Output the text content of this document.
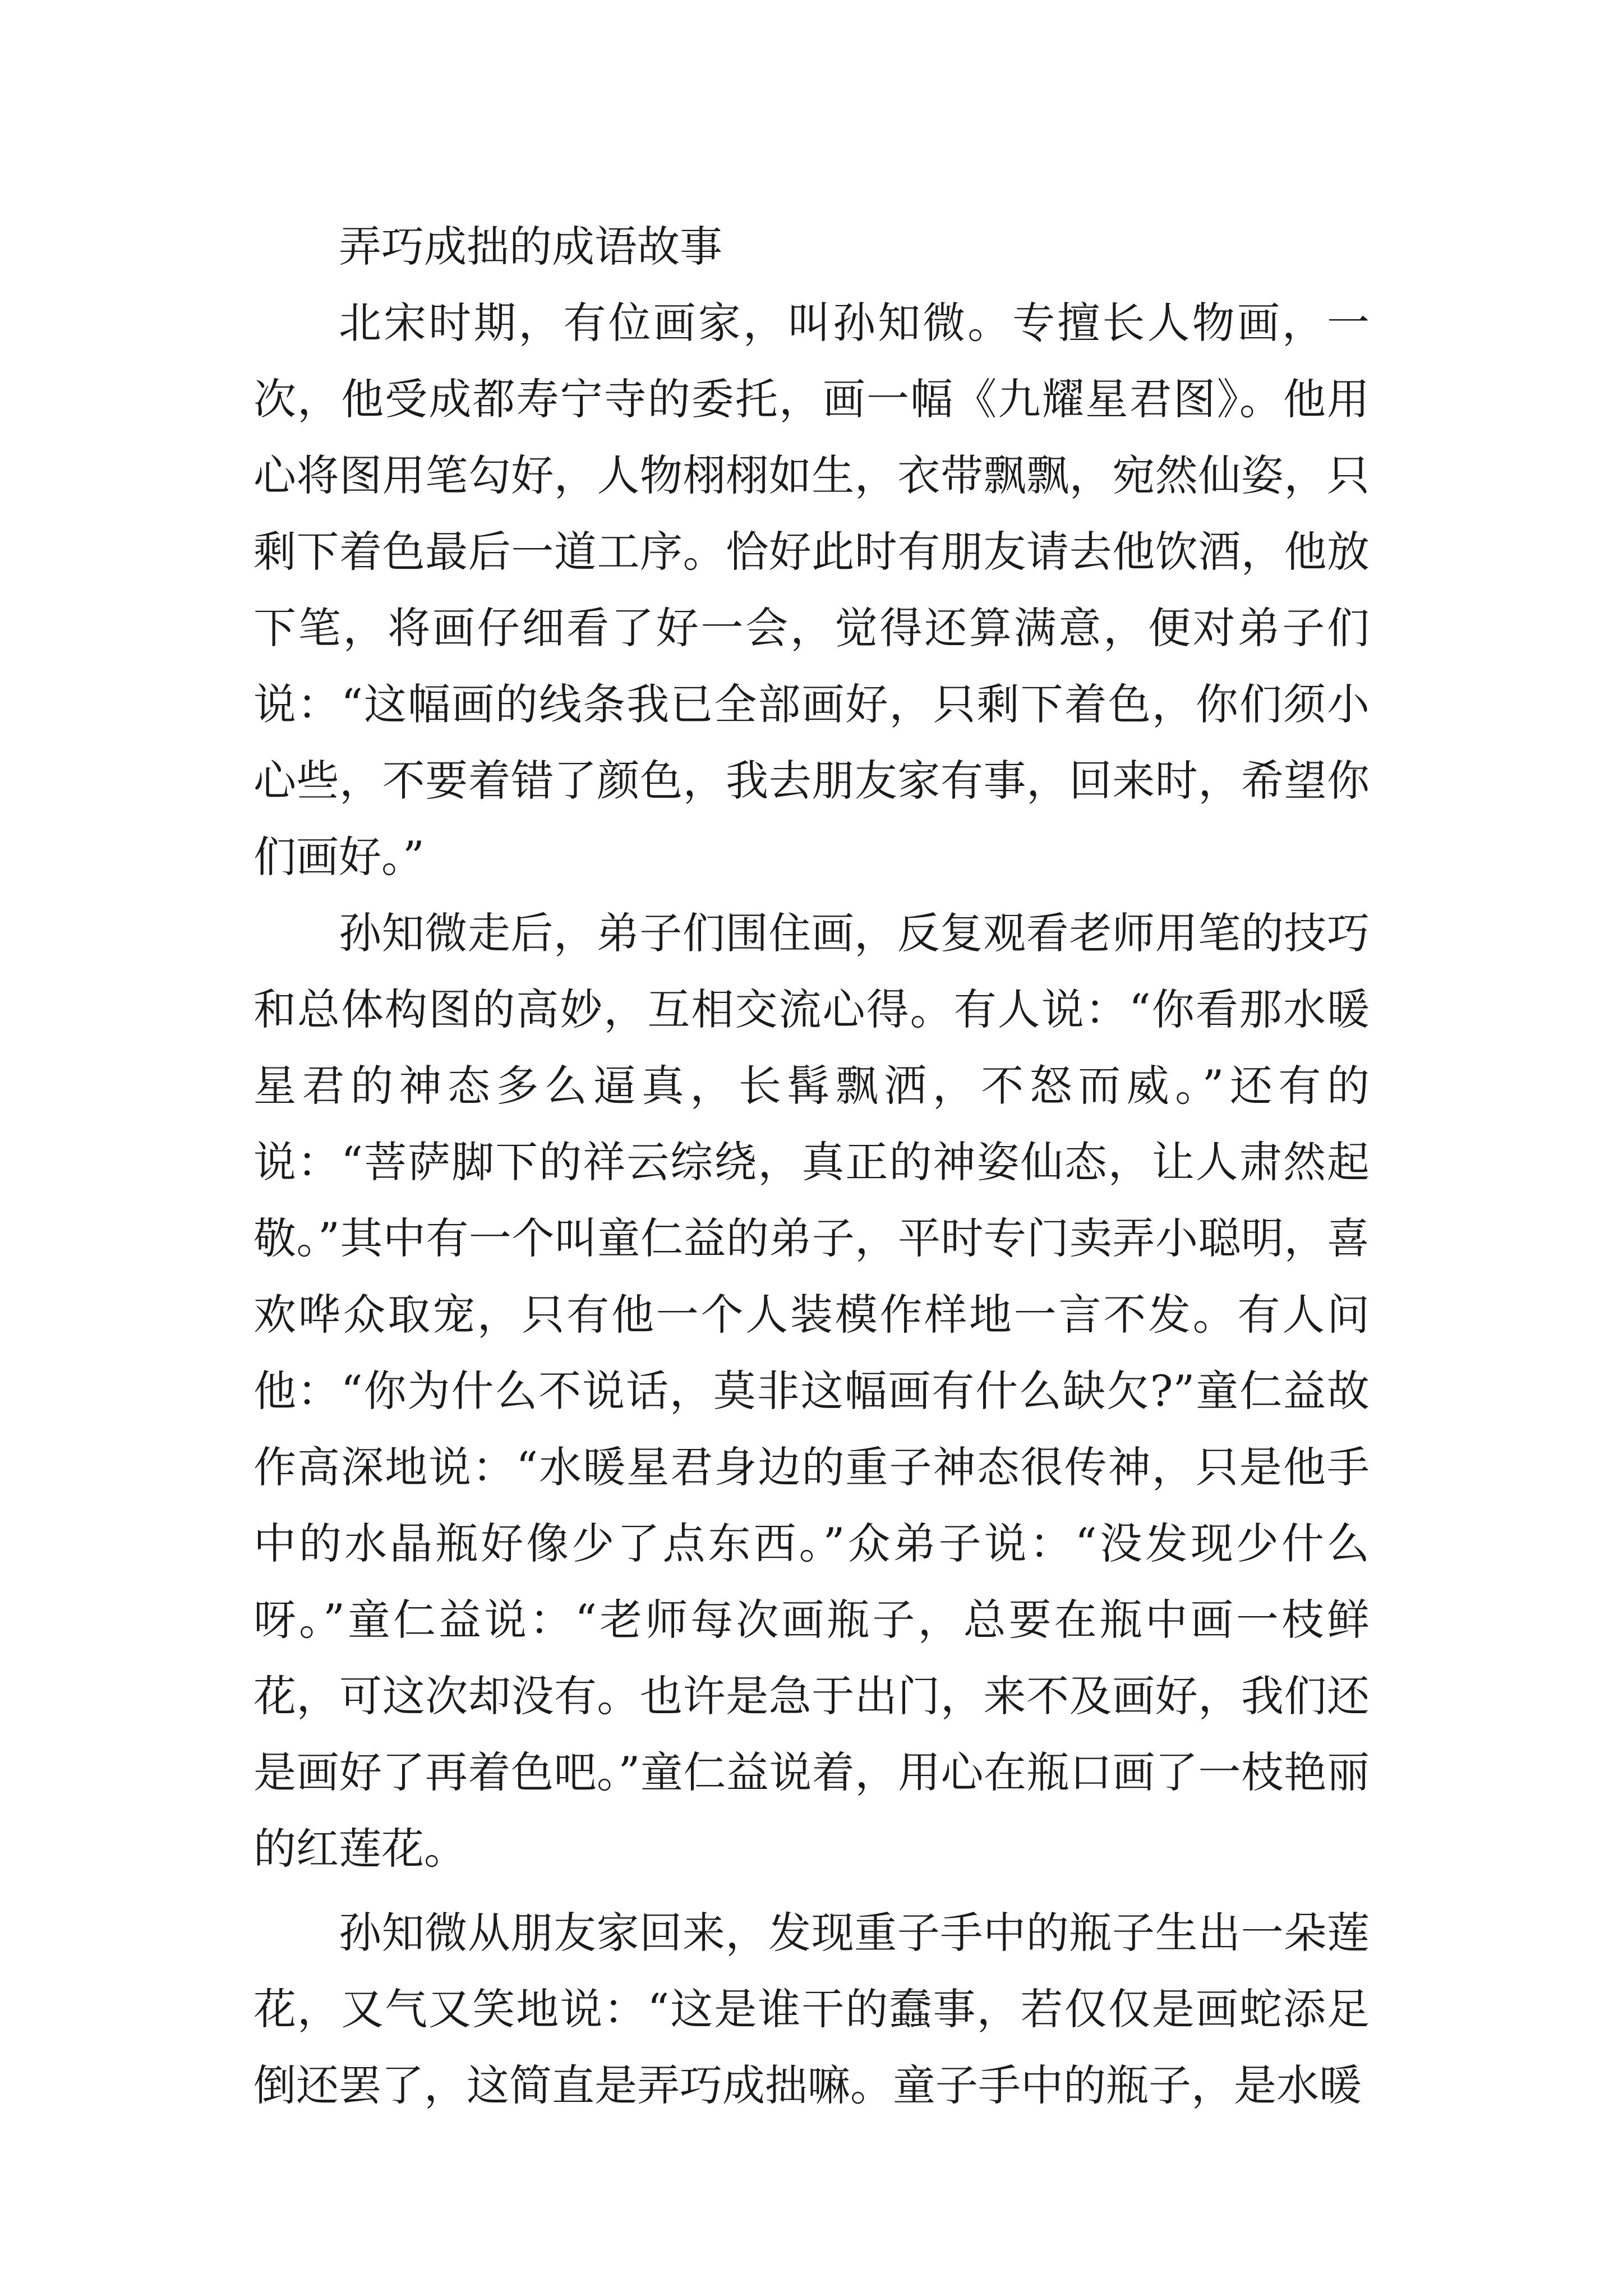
弄巧成拙的成语故事

北宋时期，有位画家，叫孙知微。专擅长人物画，一次，他受成都寿宁寺的委托，画一幅《九耀星君图》。他用心将图用笔勾好，人物栩栩如生，衣带飘飘，宛然仙姿，只剩下着色最后一道工序。恰好此时有朋友请去他饮酒，他放下笔，将画仔细看了好一会，觉得还算满意，便对弟子们说：“这幅画的线条我已全部画好，只剩下着色，你们须小心些，不要着错了颜色，我去朋友家有事，回来时，希望你们画好。”

孙知微走后，弟子们围住画，反复观看老师用笔的技巧和总体构图的高妙，互相交流心得。有人说：“你看那水暖星君的神态多么逼真，长髯飘洒，不怒而威。”还有的说：“菩萨脚下的祥云综绕，真正的神姿仙态，让人肃然起敬。”其中有一个叫童仁益的弟子，平时专门卖弄小聪明，喜欢哗众取宠，只有他一个人装模作样地一言不发。有人问他：“你为什么不说话，莫非这幅画有什么缺欠?”童仁益故作高深地说：“水暖星君身边的重子神态很传神，只是他手中的水晶瓶好像少了点东西。”众弟子说：“没发现少什么呀。”童仁益说：“老师每次画瓶子，总要在瓶中画一枝鲜花，可这次却没有。也许是急于出门，来不及画好，我们还是画好了再着色吧。”童仁益说着，用心在瓶口画了一枝艳丽的红莲花。

孙知微从朋友家回来，发现重子手中的瓶子生出一朵莲花，又气又笑地说：“这是谁干的蠢事，若仅仅是画蛇添足倒还罢了，这简直是弄巧成拙嘛。童子手中的瓶子，是水暖
